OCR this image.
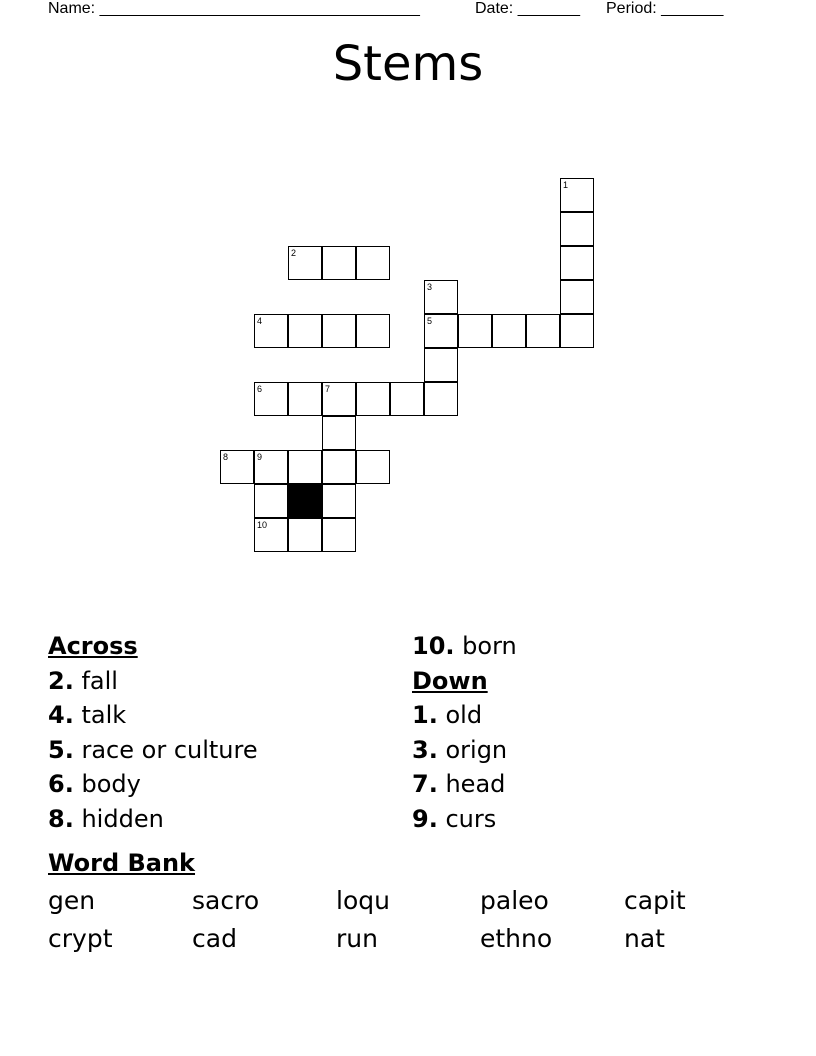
Name: ____________________________________	Date: _______ Period: _______
Stems
1
2
3
5
4
6	7
8	9
10
Across
2. fall
4. talk
5. race or culture
6. body
8. hidden
10. born
Down
1. old
3. orign
7. head
9. curs
Word Bank
gen	sacro	loqu	paleo	capit
crypt	cad	run	ethno	nat
